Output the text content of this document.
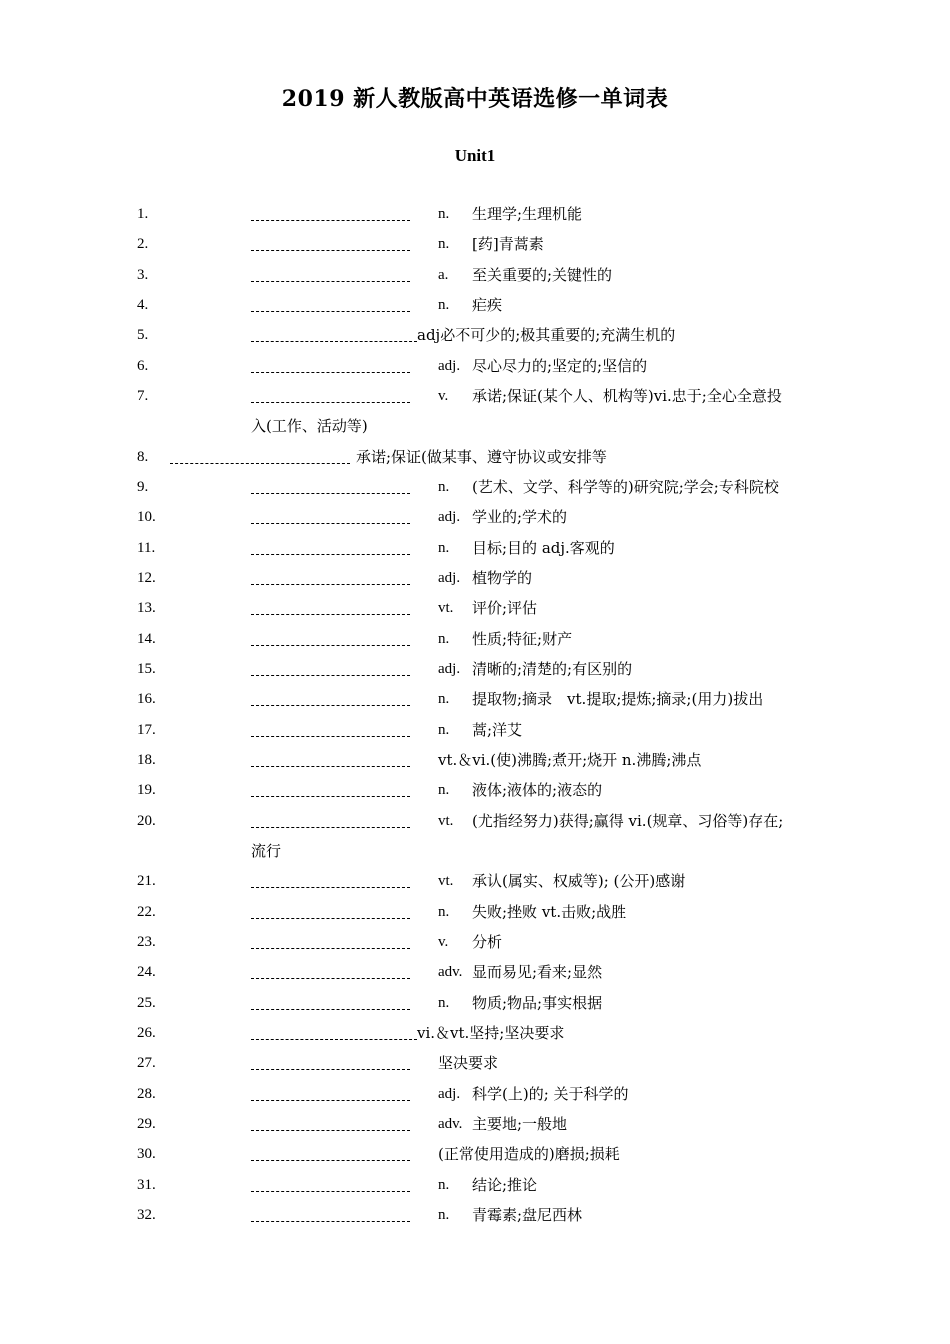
2019 新人教版高中英语选修一单词表
Unit1
1.	n. 生理学;生理机能
2.	n. [药]青蒿素
3.	a. 至关重要的;关键性的
4.	n. 疟疾
5.	adj必不可少的;极其重要的;充满生机的
6.	adj. 尽心尽力的;坚定的;坚信的
7.	v. 承诺;保证(某个人、机构等)vi.忠于;全心全意投
入(工作、活动等)
8.	承诺;保证(做某事、遵守协议或安排等
9.	n. (艺术、文学、科学等的)研究院;学会;专科院校
10.	adj. 学业的;学术的
11.	n. 目标;目的 adj.客观的
12.	adj. 植物学的
13.	vt. 评价;评估
14.	n. 性质;特征;财产
15.	adj. 清晰的;清楚的;有区别的
16.	n. 提取物;摘录　vt.提取;提炼;摘录;(用力)拔出
17.	n. 蒿;洋艾
18.	vt.＆vi.(使)沸腾;煮开;烧开 n.沸腾;沸点
19.	n. 液体;液体的;液态的
20.	vt. (尤指经努力)获得;赢得 vi.(规章、习俗等)存在;
流行
21.	vt. 承认(属实、权威等); (公开)感谢
22.	n. 失败;挫败 vt.击败;战胜
23.	v. 分析
24.	adv. 显而易见;看来;显然
25.	n. 物质;物品;事实根据
26.	vi.＆vt.坚持;坚决要求
27.	坚决要求
28.	adj. 科学(上)的; 关于科学的
29.	adv. 主要地;一般地
30.	(正常使用造成的)磨损;损耗
31.	n. 结论;推论
32.	n. 青霉素;盘尼西林
